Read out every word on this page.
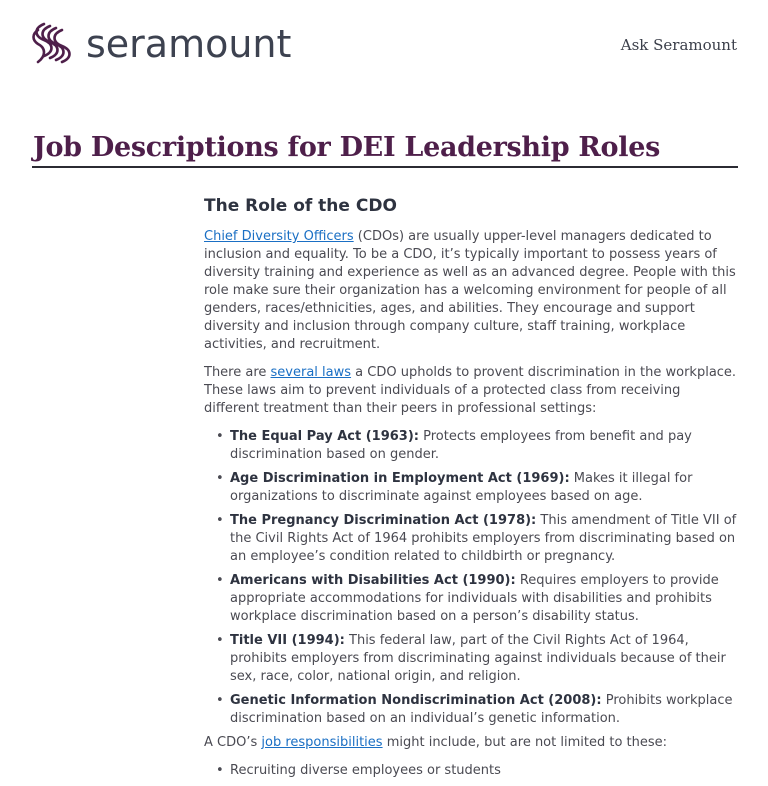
seramount	Ask Seramount
Job Descriptions for DEI Leadership Roles
The Role of the CDO

Chief Diversity Officers (CDOs) are usually upper-level managers dedicated to inclusion and equality. To be a CDO, it’s typically important to possess years of diversity training and experience as well as an advanced degree. People with this role make sure their organization has a welcoming environment for people of all genders, races/ethnicities, ages, and abilities. They encourage and support diversity and inclusion through company culture, staff training, workplace activities, and recruitment.

There are several laws a CDO upholds to provent discrimination in the workplace. These laws aim to prevent individuals of a protected class from receiving different treatment than their peers in professional settings:

• The Equal Pay Act (1963): Protects employees from benefit and pay discrimination based on gender.
• Age Discrimination in Employment Act (1969): Makes it illegal for organizations to discriminate against employees based on age.
• The Pregnancy Discrimination Act (1978): This amendment of Title VII of the Civil Rights Act of 1964 prohibits employers from discriminating based on an employee’s condition related to childbirth or pregnancy.
• Americans with Disabilities Act (1990): Requires employers to provide appropriate accommodations for individuals with disabilities and prohibits workplace discrimination based on a person’s disability status.
• Title VII (1994): This federal law, part of the Civil Rights Act of 1964, prohibits employers from discriminating against individuals because of their sex, race, color, national origin, and religion.
• Genetic Information Nondiscrimination Act (2008): Prohibits workplace discrimination based on an individual’s genetic information.

A CDO’s job responsibilities might include, but are not limited to these:

• Recruiting diverse employees or students
